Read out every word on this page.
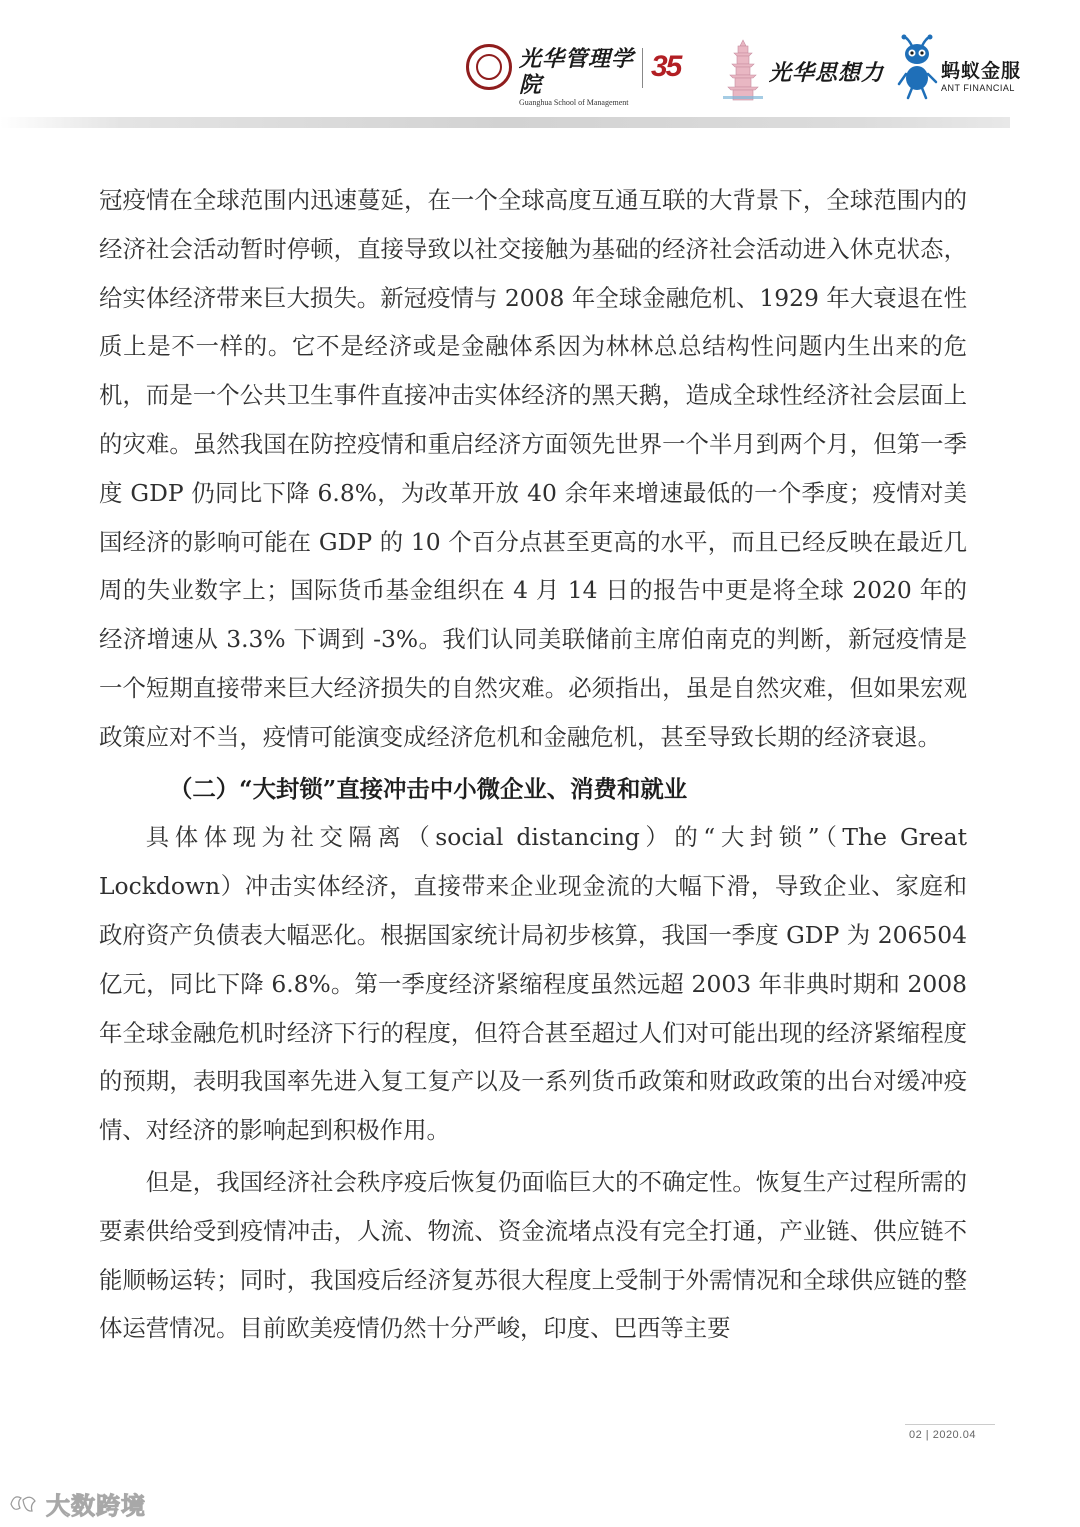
光华管理学院
Guanghua School of Management
35	光华思想力	蚂蚁金服
ANT FINANCIAL

冠疫情在全球范围内迅速蔓延，在一个全球高度互通互联的大背景下，全球范围内的经济社会活动暂时停顿，直接导致以社交接触为基础的经济社会活动进入休克状态，给实体经济带来巨大损失。新冠疫情与 2008 年全球金融危机、1929 年大衰退在性质上是不一样的。它不是经济或是金融体系因为林林总总结构性问题内生出来的危机，而是一个公共卫生事件直接冲击实体经济的黑天鹅，造成全球性经济社会层面上的灾难。虽然我国在防控疫情和重启经济方面领先世界一个半月到两个月，但第一季度 GDP 仍同比下降 6.8%，为改革开放 40 余年来增速最低的一个季度；疫情对美国经济的影响可能在 GDP 的 10 个百分点甚至更高的水平，而且已经反映在最近几周的失业数字上；国际货币基金组织在 4 月 14 日的报告中更是将全球 2020 年的经济增速从 3.3% 下调到 -3%。我们认同美联储前主席伯南克的判断，新冠疫情是一个短期直接带来巨大经济损失的自然灾难。必须指出，虽是自然灾难，但如果宏观政策应对不当，疫情可能演变成经济危机和金融危机，甚至导致长期的经济衰退。

（二）“大封锁”直接冲击中小微企业、消费和就业

具体体现为社交隔离（social distancing）的“大封锁”（The Great Lockdown）冲击实体经济，直接带来企业现金流的大幅下滑，导致企业、家庭和政府资产负债表大幅恶化。根据国家统计局初步核算，我国一季度 GDP 为 206504 亿元，同比下降 6.8%。第一季度经济紧缩程度虽然远超 2003 年非典时期和 2008 年全球金融危机时经济下行的程度，但符合甚至超过人们对可能出现的经济紧缩程度的预期，表明我国率先进入复工复产以及一系列货币政策和财政政策的出台对缓冲疫情、对经济的影响起到积极作用。

但是，我国经济社会秩序疫后恢复仍面临巨大的不确定性。恢复生产过程所需的要素供给受到疫情冲击，人流、物流、资金流堵点没有完全打通，产业链、供应链不能顺畅运转；同时，我国疫后经济复苏很大程度上受制于外需情况和全球供应链的整体运营情况。目前欧美疫情仍然十分严峻，印度、巴西等主要

02 | 2020.04
大数跨境
